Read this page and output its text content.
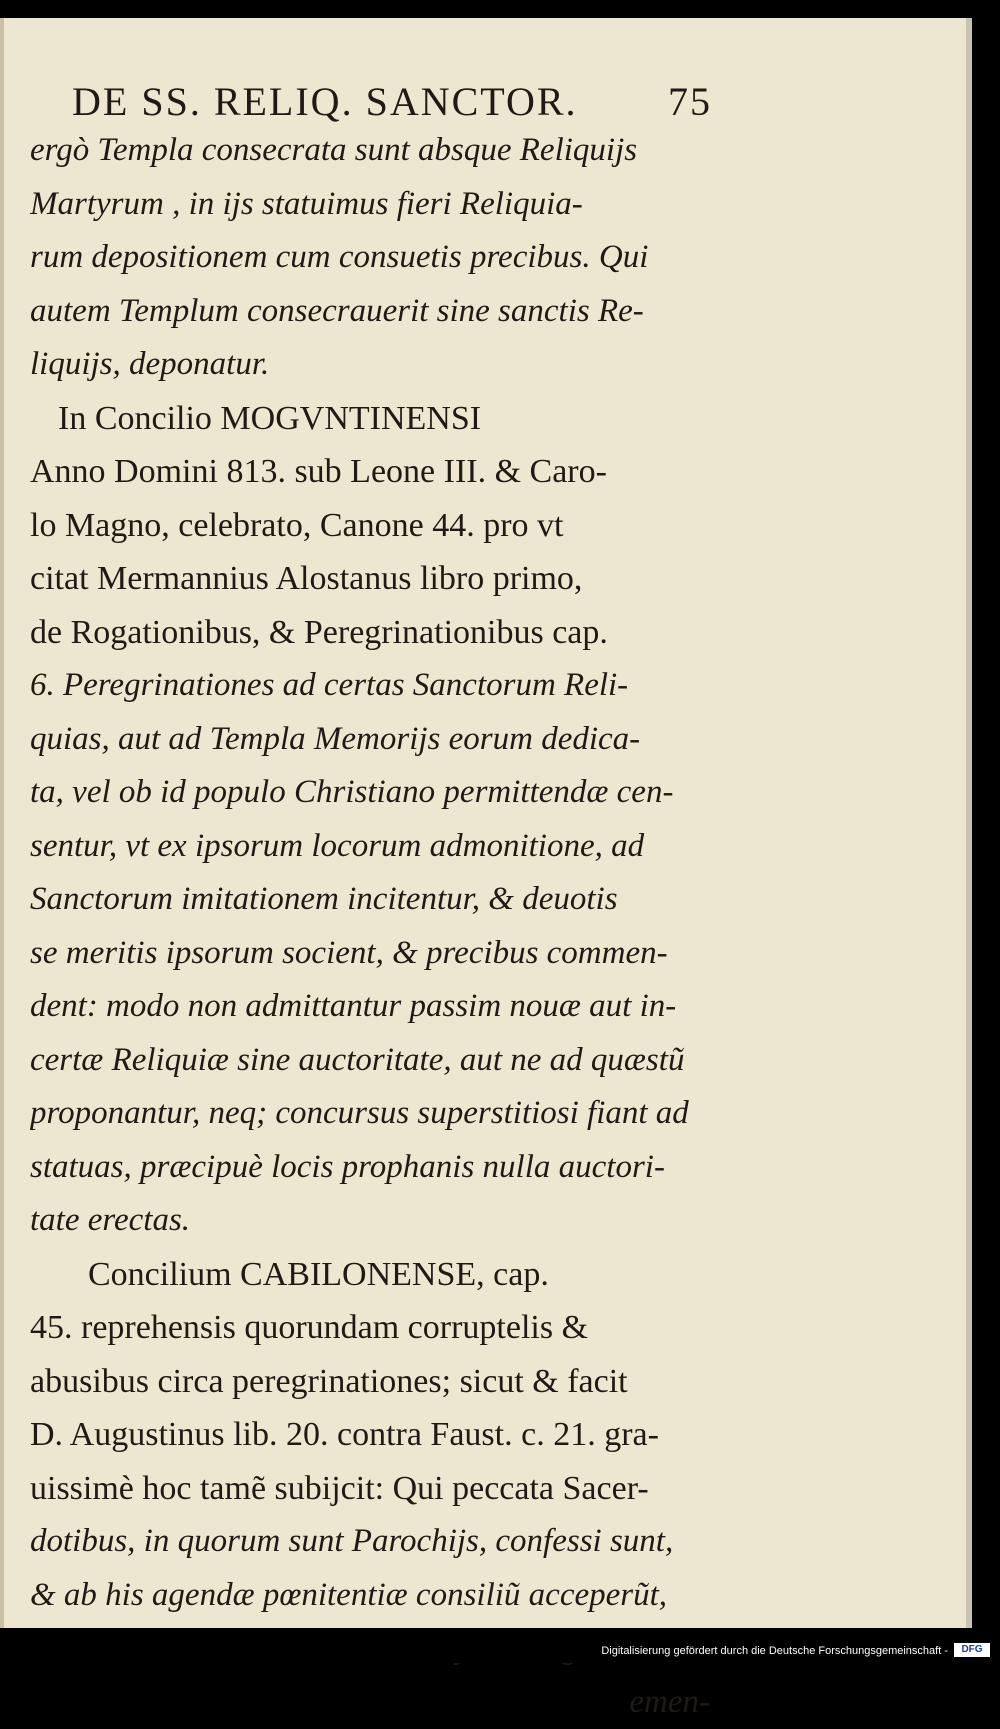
DE SS. RELIQ. SANCTOR. 75
ergò Templa consecrata sunt absque Reliquijs
Martyrum , in ijs statuimus fieri Reliquia-
rum depositionem cum consuetis precibus. Qui
autem Templum consecrauerit sine sanctis Re-
liquijs, deponatur.
In Concilio MOGVNTINENSI
Anno Domini 813. sub Leone III. & Caro-
lo Magno, celebrato, Canone 44. pro vt
citat Mermannius Alostanus libro primo,
de Rogationibus, & Peregrinationibus cap.
6. Peregrinationes ad certas Sanctorum Reli-
quias, aut ad Templa Memorijs eorum dedica-
ta, vel ob id populo Christiano permittendæ cen-
sentur, vt ex ipsorum locorum admonitione, ad
Sanctorum imitationem incitentur, & deuotis
se meritis ipsorum socient, & precibus commen-
dent: modo non admittantur passim nouæ aut in-
certæ Reliquiæ sine auctoritate, aut ne ad quæstũ
proponantur, neq; concursus superstitiosi fiant ad
statuas, præcipuè locis prophanis nulla auctori-
tate erectas.
Concilium CABILONENSE, cap.
45. reprehensis quorundam corruptelis &
abusibus circa peregrinationes; sicut & facit
D. Augustinus lib. 20. contra Faust. c. 21. gra-
uissimè hoc tamẽ subijcit: Qui peccata Sacer-
dotibus, in quorum sunt Parochijs, confessi sunt,
& ab his agendæ pœnitentiæ consiliũ acceperũt,
emen-
Digitalisierung gefördert durch die Deutsche Forschungsgemeinschaft -	DFG
